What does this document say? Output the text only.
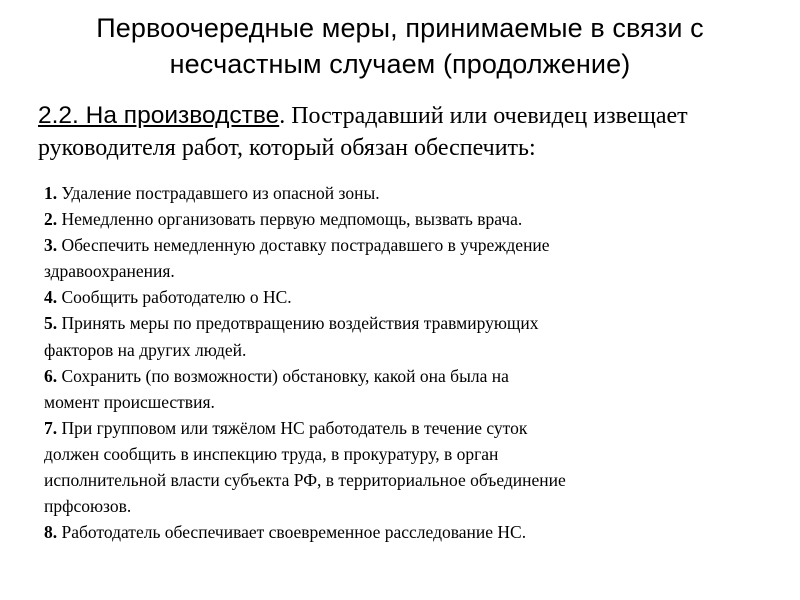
Первоочередные меры, принимаемые в связи с
несчастным случаем (продолжение)
2.2. На производстве. Пострадавший или очевидец извещает
руководителя работ, который обязан обеспечить:
1. Удаление пострадавшего из опасной зоны.
2. Немедленно организовать первую медпомощь, вызвать врача.
3. Обеспечить немедленную доставку пострадавшего в учреждение
здравоохранения.
4. Сообщить работодателю о НС.
5. Принять меры по предотвращению воздействия травмирующих
факторов на других людей.
6. Сохранить (по возможности) обстановку, какой она была на
момент происшествия.
7. При групповом или тяжёлом НС работодатель в течение суток
должен сообщить в инспекцию труда, в прокуратуру, в орган
исполнительной власти субъекта РФ, в территориальное объединение
прфсоюзов.
8. Работодатель обеспечивает своевременное расследование НС.
